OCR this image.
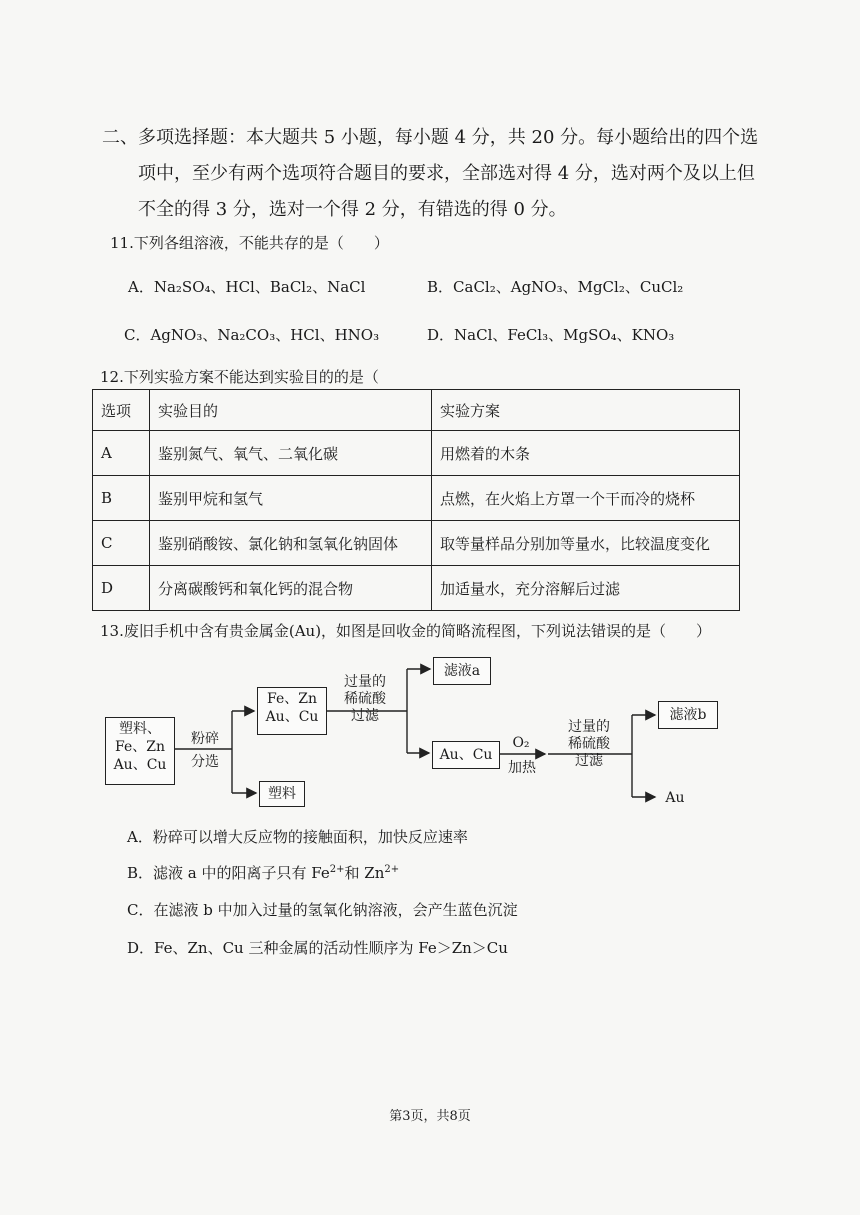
二、多项选择题：本大题共 5 小题，每小题 4 分，共 20 分。每小题给出的四个选
项中，至少有两个选项符合题目的要求，全部选对得 4 分，选对两个及以上但
不全的得 3 分，选对一个得 2 分，有错选的得 0 分。
11.下列各组溶液，不能共存的是（　　）
A．Na₂SO₄、HCl、BaCl₂、NaCl	B．CaCl₂、AgNO₃、MgCl₂、CuCl₂
C．AgNO₃、Na₂CO₃、HCl、HNO₃	D．NaCl、FeCl₃、MgSO₄、KNO₃
12.下列实验方案不能达到实验目的的是（
选项	实验目的	实验方案
A	鉴别氮气、氧气、二氧化碳	用燃着的木条
B	鉴别甲烷和氢气	点燃，在火焰上方罩一个干而冷的烧杯
C	鉴别硝酸铵、氯化钠和氢氧化钠固体	取等量样品分别加等量水，比较温度变化
D	分离碳酸钙和氧化钙的混合物	加适量水，充分溶解后过滤
13.废旧手机中含有贵金属金(Au)，如图是回收金的简略流程图，下列说法错误的是（　　）
塑料、
Fe、Zn
Au、Cu
粉碎
分选
Fe、Zn
Au、Cu
塑料
过量的
稀硫酸
过滤
滤液a
Au、Cu
O₂
加热
过量的
稀硫酸
过滤
滤液b
Au
A．粉碎可以增大反应物的接触面积，加快反应速率
B．滤液 a 中的阳离子只有 $Fe^{2+}$和 $Zn^{2+}$
C．在滤液 b 中加入过量的氢氧化钠溶液，会产生蓝色沉淀
D．Fe、Zn、Cu 三种金属的活动性顺序为 Fe＞Zn＞Cu
第3页，共8页
